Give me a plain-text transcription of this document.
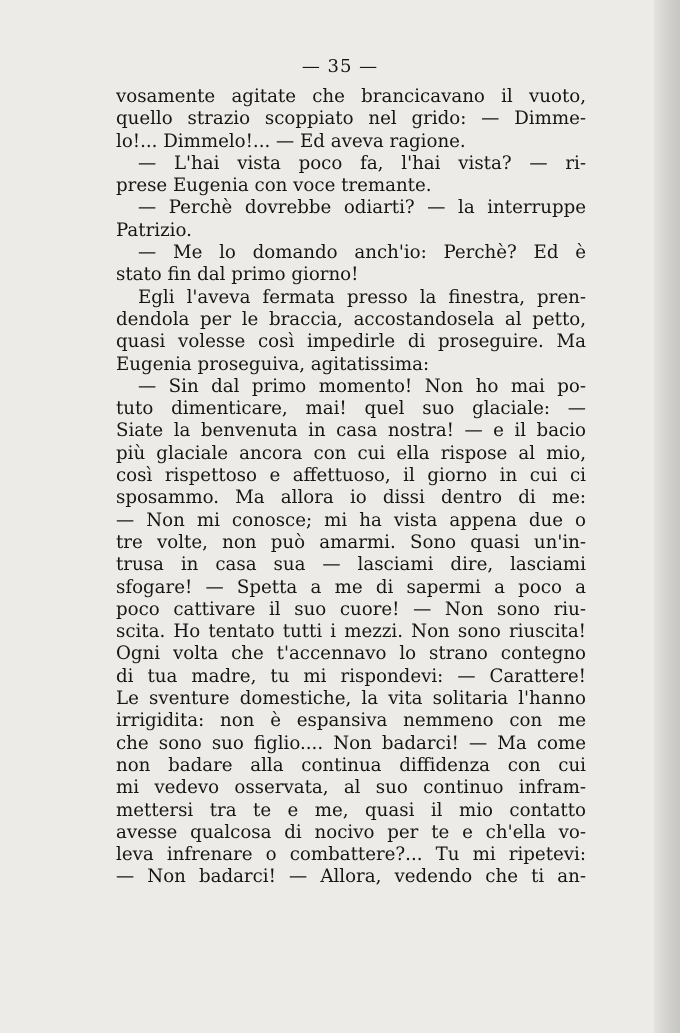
— 35 —
vosamente agitate che brancicavano il vuoto,
quello strazio scoppiato nel grido: — Dimme-
lo!... Dimmelo!... — Ed aveva ragione.
— L'hai vista poco fa, l'hai vista? — ri-
prese Eugenia con voce tremante.
— Perchè dovrebbe odiarti? — la interruppe
Patrizio.
— Me lo domando anch'io: Perchè? Ed è
stato fin dal primo giorno!
Egli l'aveva fermata presso la finestra, pren-
dendola per le braccia, accostandosela al petto,
quasi volesse così impedirle di proseguire. Ma
Eugenia proseguiva, agitatissima:
— Sin dal primo momento! Non ho mai po-
tuto dimenticare, mai! quel suo glaciale: —
Siate la benvenuta in casa nostra! — e il bacio
più glaciale ancora con cui ella rispose al mio,
così rispettoso e affettuoso, il giorno in cui ci
sposammo. Ma allora io dissi dentro di me:
— Non mi conosce; mi ha vista appena due o
tre volte, non può amarmi. Sono quasi un'in-
trusa in casa sua — lasciami dire, lasciami
sfogare! — Spetta a me di sapermi a poco a
poco cattivare il suo cuore! — Non sono riu-
scita. Ho tentato tutti i mezzi. Non sono riuscita!
Ogni volta che t'accennavo lo strano contegno
di tua madre, tu mi rispondevi: — Carattere!
Le sventure domestiche, la vita solitaria l'hanno
irrigidita: non è espansiva nemmeno con me
che sono suo figlio.... Non badarci! — Ma come
non badare alla continua diffidenza con cui
mi vedevo osservata, al suo continuo infram-
mettersi tra te e me, quasi il mio contatto
avesse qualcosa di nocivo per te e ch'ella vo-
leva infrenare o combattere?... Tu mi ripetevi:
— Non badarci! — Allora, vedendo che ti an-
